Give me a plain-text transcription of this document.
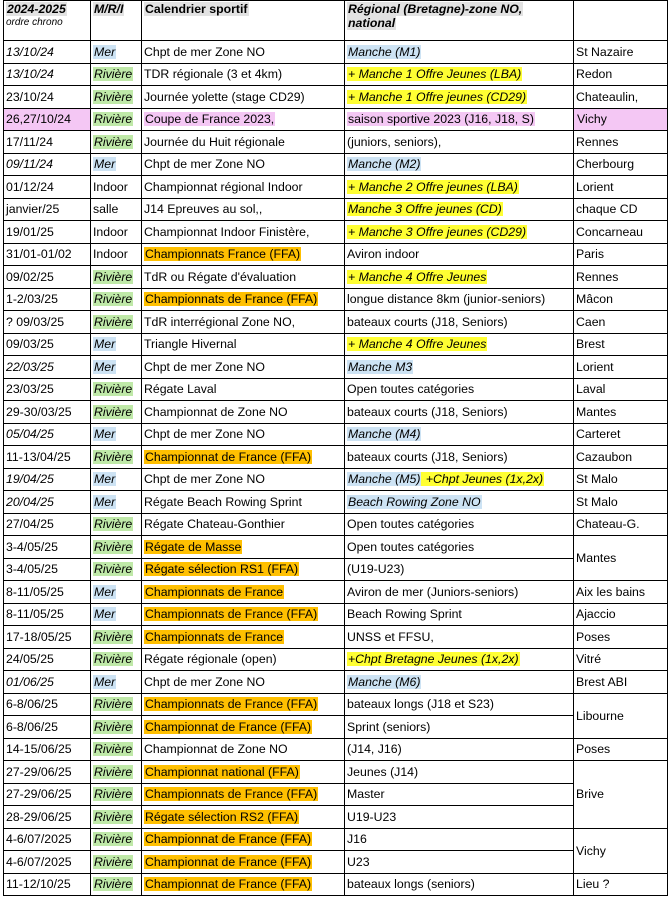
2024-2025
ordre chrono	M/R/I	Calendrier sportif	Régional (Bretagne)-zone NO,
national	
13/10/24	Mer	Chpt de mer Zone NO	Manche (M1)	St Nazaire
13/10/24	Rivière	TDR régionale (3 et 4km)	+ Manche 1 Offre Jeunes (LBA)	Redon
23/10/24	Rivière	Journée yolette (stage CD29)	+ Manche 1 Offre jeunes (CD29)	Chateaulin,
26,27/10/24	Rivière	Coupe de France 2023,	saison sportive 2023 (J16, J18, S)	Vichy
17/11/24	Rivière	Journée du Huit régionale	(juniors, seniors),	Rennes
09/11/24	Mer	Chpt de mer Zone NO	Manche (M2)	Cherbourg
01/12/24	Indoor	Championnat régional Indoor	+ Manche 2 Offre jeunes (LBA)	Lorient
janvier/25	salle	J14 Epreuves au sol,,	Manche 3 Offre jeunes (CD)	chaque CD
19/01/25	Indoor	Championnat Indoor Finistère,	+ Manche 3 Offre jeunes (CD29)	Concarneau
31/01-01/02	Indoor	Championnats France (FFA)	Aviron indoor	Paris
09/02/25	Rivière	TdR ou Régate d'évaluation	+ Manche 4 Offre Jeunes	Rennes
1-2/03/25	Rivière	Championnats de France (FFA)	longue distance 8km (junior-seniors)	Mâcon
? 09/03/25	Rivière	TdR interrégional Zone NO,	bateaux courts (J18, Seniors)	Caen
09/03/25	Mer	Triangle Hivernal	+ Manche 4 Offre Jeunes	Brest
22/03/25	Mer	Chpt de mer Zone NO	Manche M3	Lorient
23/03/25	Rivière	Régate Laval	Open toutes catégories	Laval
29-30/03/25	Rivière	Championnat de Zone NO	bateaux courts (J18, Seniors)	Mantes
05/04/25	Mer	Chpt de mer Zone NO	Manche (M4)	Carteret
11-13/04/25	Rivière	Championnat de France (FFA)	bateaux courts (J18, Seniors)	Cazaubon
19/04/25	Mer	Chpt de mer Zone NO	Manche (M5) +Chpt Jeunes (1x,2x)	St Malo
20/04/25	Mer	Régate Beach Rowing Sprint	Beach Rowing Zone NO	St Malo
27/04/25	Rivière	Régate Chateau-Gonthier	Open toutes catégories	Chateau-G.
3-4/05/25	Rivière	Régate de Masse	Open toutes catégories	Mantes
3-4/05/25	Rivière	Régate sélection RS1 (FFA)	(U19-U23)	
8-11/05/25	Mer	Championnats de France	Aviron de mer (Juniors-seniors)	Aix les bains
8-11/05/25	Mer	Championnats de France (FFA)	Beach Rowing Sprint	Ajaccio
17-18/05/25	Rivière	Championnats de France	UNSS et FFSU,	Poses
24/05/25	Rivière	Régate régionale (open)	+Chpt Bretagne Jeunes (1x,2x)	Vitré
01/06/25	Mer	Chpt de mer Zone NO	Manche (M6)	Brest ABI
6-8/06/25	Rivière	Championnats de France (FFA)	bateaux longs (J18 et S23)	Libourne
6-8/06/25	Rivière	Championnat de France (FFA)	Sprint (seniors)	
14-15/06/25	Rivière	Championnat de Zone NO	(J14, J16)	Poses
27-29/06/25	Rivière	Championnat national (FFA)	Jeunes (J14)	Brive
27-29/06/25	Rivière	Championnats de France (FFA)	Master	
28-29/06/25	Rivière	Régate sélection RS2 (FFA)	U19-U23	
4-6/07/2025	Rivière	Championnat de France (FFA)	J16	Vichy
4-6/07/2025	Rivière	Championnat de France (FFA)	U23	
11-12/10/25	Rivière	Championnat de France (FFA)	bateaux longs (seniors)	Lieu ?
